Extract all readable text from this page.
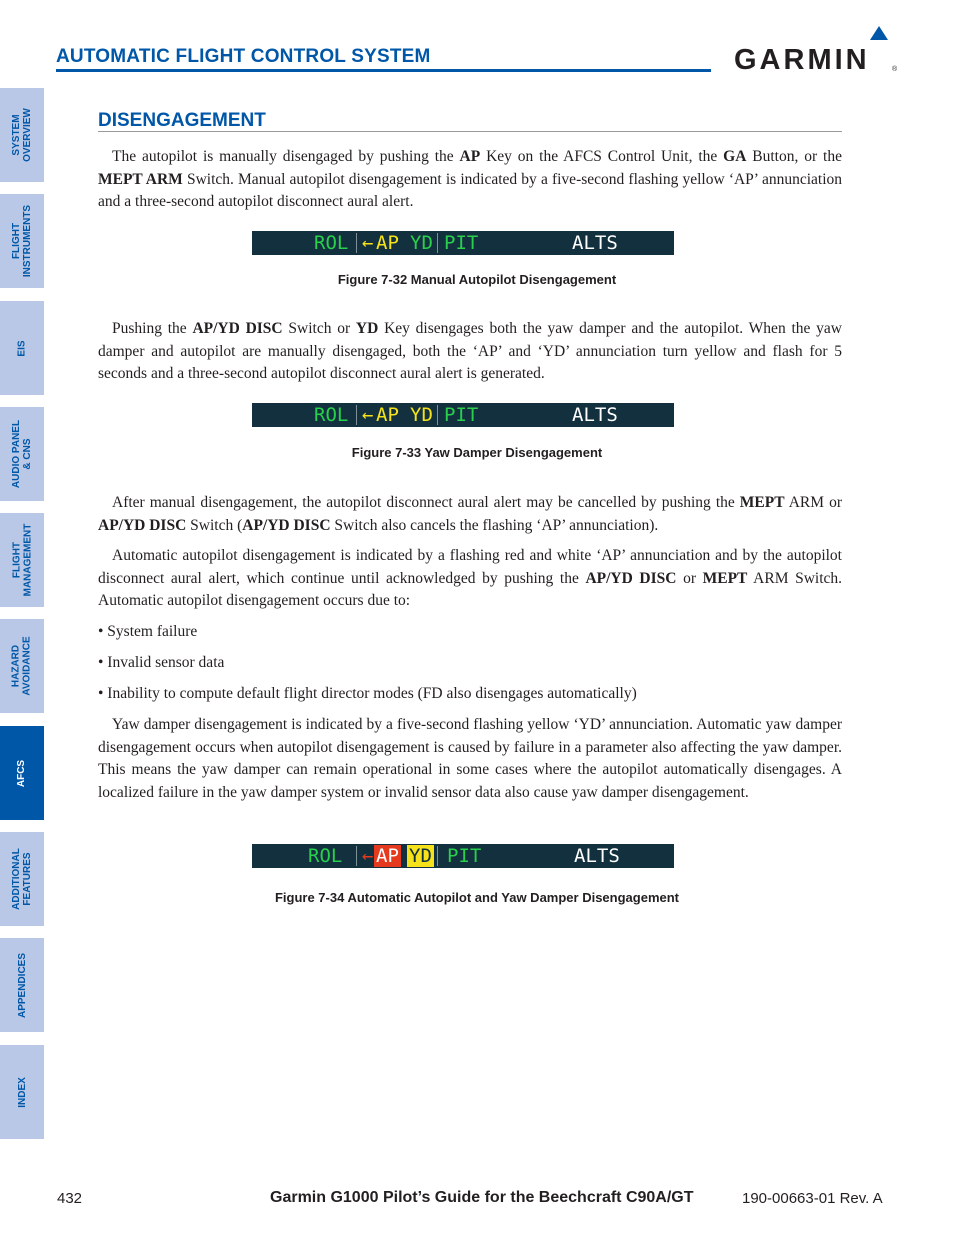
AUTOMATIC FLIGHT CONTROL SYSTEM	GARMIN	®
SYSTEM
OVERVIEW
FLIGHT
INSTRUMENTS
EIS
AUDIO PANEL
& CNS
FLIGHT
MANAGEMENT
HAZARD
AVOIDANCE
AFCS
ADDITIONAL
FEATURES
APPENDICES
INDEX
DISENGAGEMENT
The autopilot is manually disengaged by pushing the AP Key on the AFCS Control Unit, the GA Button, or the MEPT ARM Switch. Manual autopilot disengagement is indicated by a five-second flashing yellow ‘AP’ annunciation and a three-second autopilot disconnect aural alert.
ROL ← AP YD PIT	ALTS
Figure 7-32 Manual Autopilot Disengagement
Pushing the AP/YD DISC Switch or YD Key disengages both the yaw damper and the autopilot. When the yaw damper and autopilot are manually disengaged, both the ‘AP’ and ‘YD’ annunciation turn yellow and flash for 5 seconds and a three-second autopilot disconnect aural alert is generated.
ROL ← AP YD PIT	ALTS
Figure 7-33 Yaw Damper Disengagement
After manual disengagement, the autopilot disconnect aural alert may be cancelled by pushing the MEPT ARM or AP/YD DISC Switch (AP/YD DISC Switch also cancels the flashing ‘AP’ annunciation).
Automatic autopilot disengagement is indicated by a flashing red and white ‘AP’ annunciation and by the autopilot disconnect aural alert, which continue until acknowledged by pushing the AP/YD DISC or MEPT ARM Switch. Automatic autopilot disengagement occurs due to:
• System failure
• Invalid sensor data
• Inability to compute default flight director modes (FD also disengages automatically)
Yaw damper disengagement is indicated by a five-second flashing yellow ‘YD’ annunciation. Automatic yaw damper disengagement occurs when autopilot disengagement is caused by failure in a parameter also affecting the yaw damper. This means the yaw damper can remain operational in some cases where the autopilot automatically disengages. A localized failure in the yaw damper system or invalid sensor data also cause yaw damper disengagement.
ROL ← AP YD PIT	ALTS
Figure 7-34 Automatic Autopilot and Yaw Damper Disengagement
432	Garmin G1000 Pilot’s Guide for the Beechcraft C90A/GT	190-00663-01 Rev. A
